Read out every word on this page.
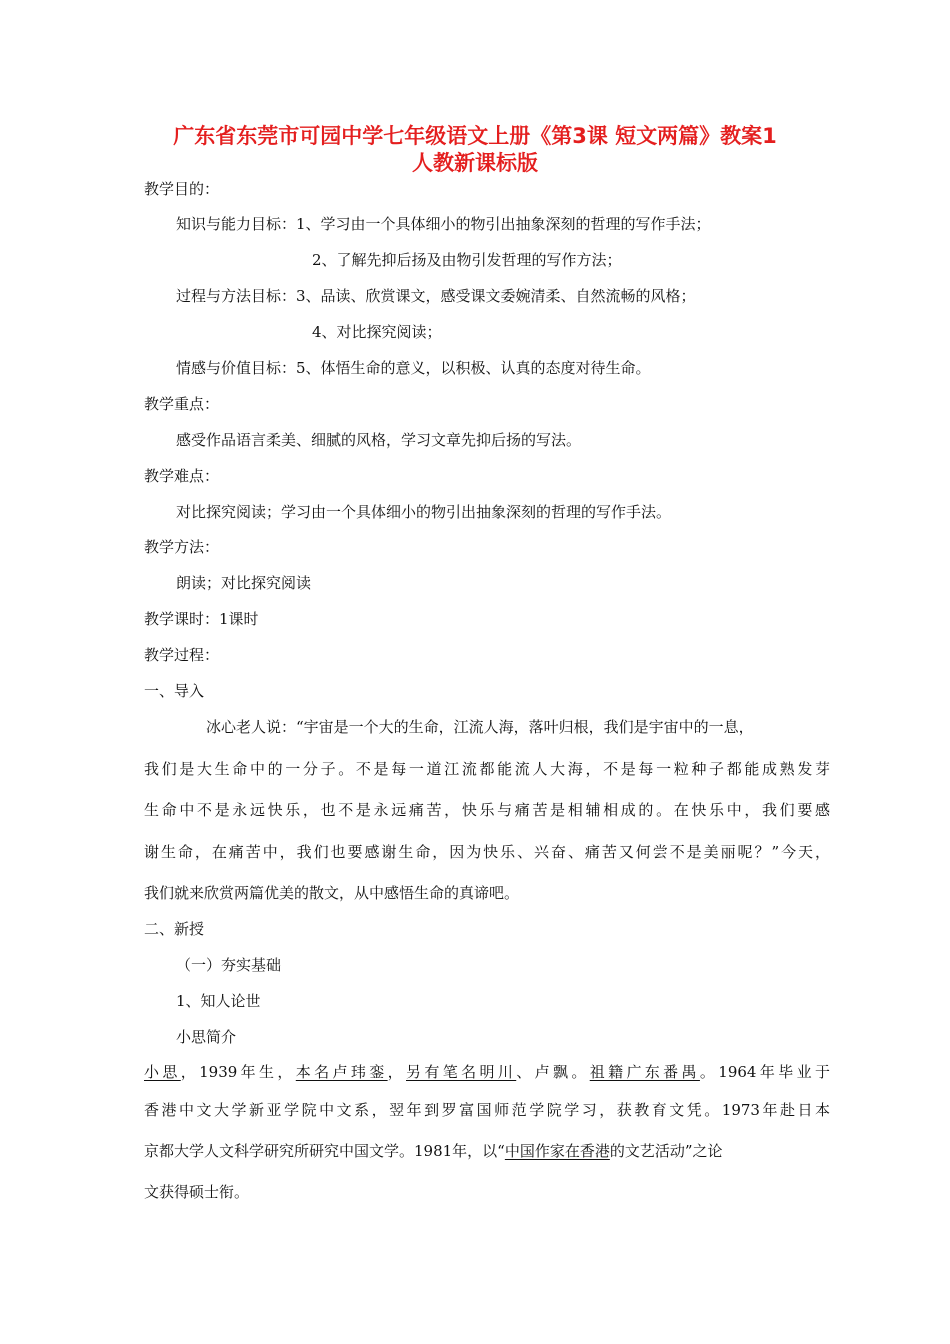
广东省东莞市可园中学七年级语文上册《第3课 短文两篇》教案1
人教新课标版
教学目的：
知识与能力目标：1、学习由一个具体细小的物引出抽象深刻的哲理的写作手法；
2、了解先抑后扬及由物引发哲理的写作方法；
过程与方法目标：3、品读、欣赏课文，感受课文委婉清柔、自然流畅的风格；
4、对比探究阅读；
情感与价值目标：5、体悟生命的意义，以积极、认真的态度对待生命。
教学重点：
感受作品语言柔美、细腻的风格，学习文章先抑后扬的写法。
教学难点：
对比探究阅读；学习由一个具体细小的物引出抽象深刻的哲理的写作手法。
教学方法：
朗读；对比探究阅读
教学课时：1课时
教学过程：
一、导入
冰心老人说：“宇宙是一个大的生命，江流人海，落叶归根，我们是宇宙中的一息，
我们是大生命中的一分子。不是每一道江流都能流人大海，不是每一粒种子都能成熟发芽
生命中不是永远快乐，也不是永远痛苦，快乐与痛苦是相辅相成的。在快乐中，我们要感
谢生命，在痛苦中，我们也要感谢生命，因为快乐、兴奋、痛苦又何尝不是美丽呢？”今天，
我们就来欣赏两篇优美的散文，从中感悟生命的真谛吧。
二、新授
（一）夯实基础
1、知人论世
小思简介
小思，1939年生，本名卢玮銮，另有笔名明川、卢飘。祖籍广东番禺。1964年毕业于
香港中文大学新亚学院中文系，翌年到罗富国师范学院学习，获教育文凭。1973年赴日本
京都大学人文科学研究所研究中国文学。1981年，以“中国作家在香港的文艺活动”之论
文获得硕士衔。
